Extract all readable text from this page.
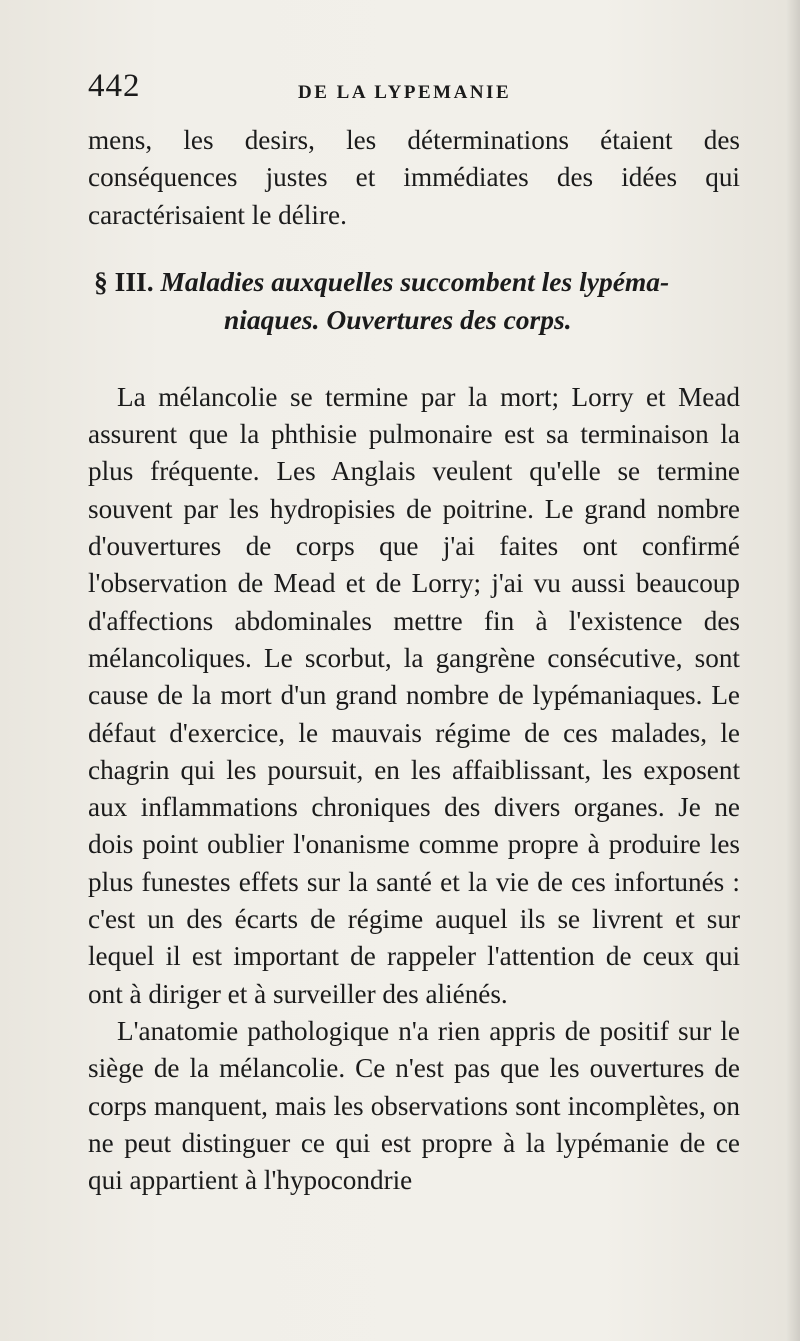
442	DE LA LYPEMANIE

mens, les desirs, les déterminations étaient des conséquences justes et immédiates des idées qui caractérisaient le délire.

§ III. Maladies auxquelles succombent les lypéma-
niaques. Ouvertures des corps.

La mélancolie se termine par la mort; Lorry et Mead assurent que la phthisie pulmonaire est sa terminaison la plus fréquente. Les Anglais veulent qu'elle se termine souvent par les hydropisies de poitrine. Le grand nombre d'ouvertures de corps que j'ai faites ont confirmé l'observation de Mead et de Lorry; j'ai vu aussi beaucoup d'affections abdominales mettre fin à l'existence des mélancoliques. Le scorbut, la gangrène consécutive, sont cause de la mort d'un grand nombre de lypémaniaques. Le défaut d'exercice, le mauvais régime de ces malades, le chagrin qui les poursuit, en les affaiblissant, les exposent aux inflammations chroniques des divers organes. Je ne dois point oublier l'onanisme comme propre à produire les plus funestes effets sur la santé et la vie de ces infortunés : c'est un des écarts de régime auquel ils se livrent et sur lequel il est important de rappeler l'attention de ceux qui ont à diriger et à surveiller des aliénés.

L'anatomie pathologique n'a rien appris de positif sur le siège de la mélancolie. Ce n'est pas que les ouvertures de corps manquent, mais les observations sont incomplètes, on ne peut distinguer ce qui est propre à la lypémanie de ce qui appartient à l'hypocondrie
